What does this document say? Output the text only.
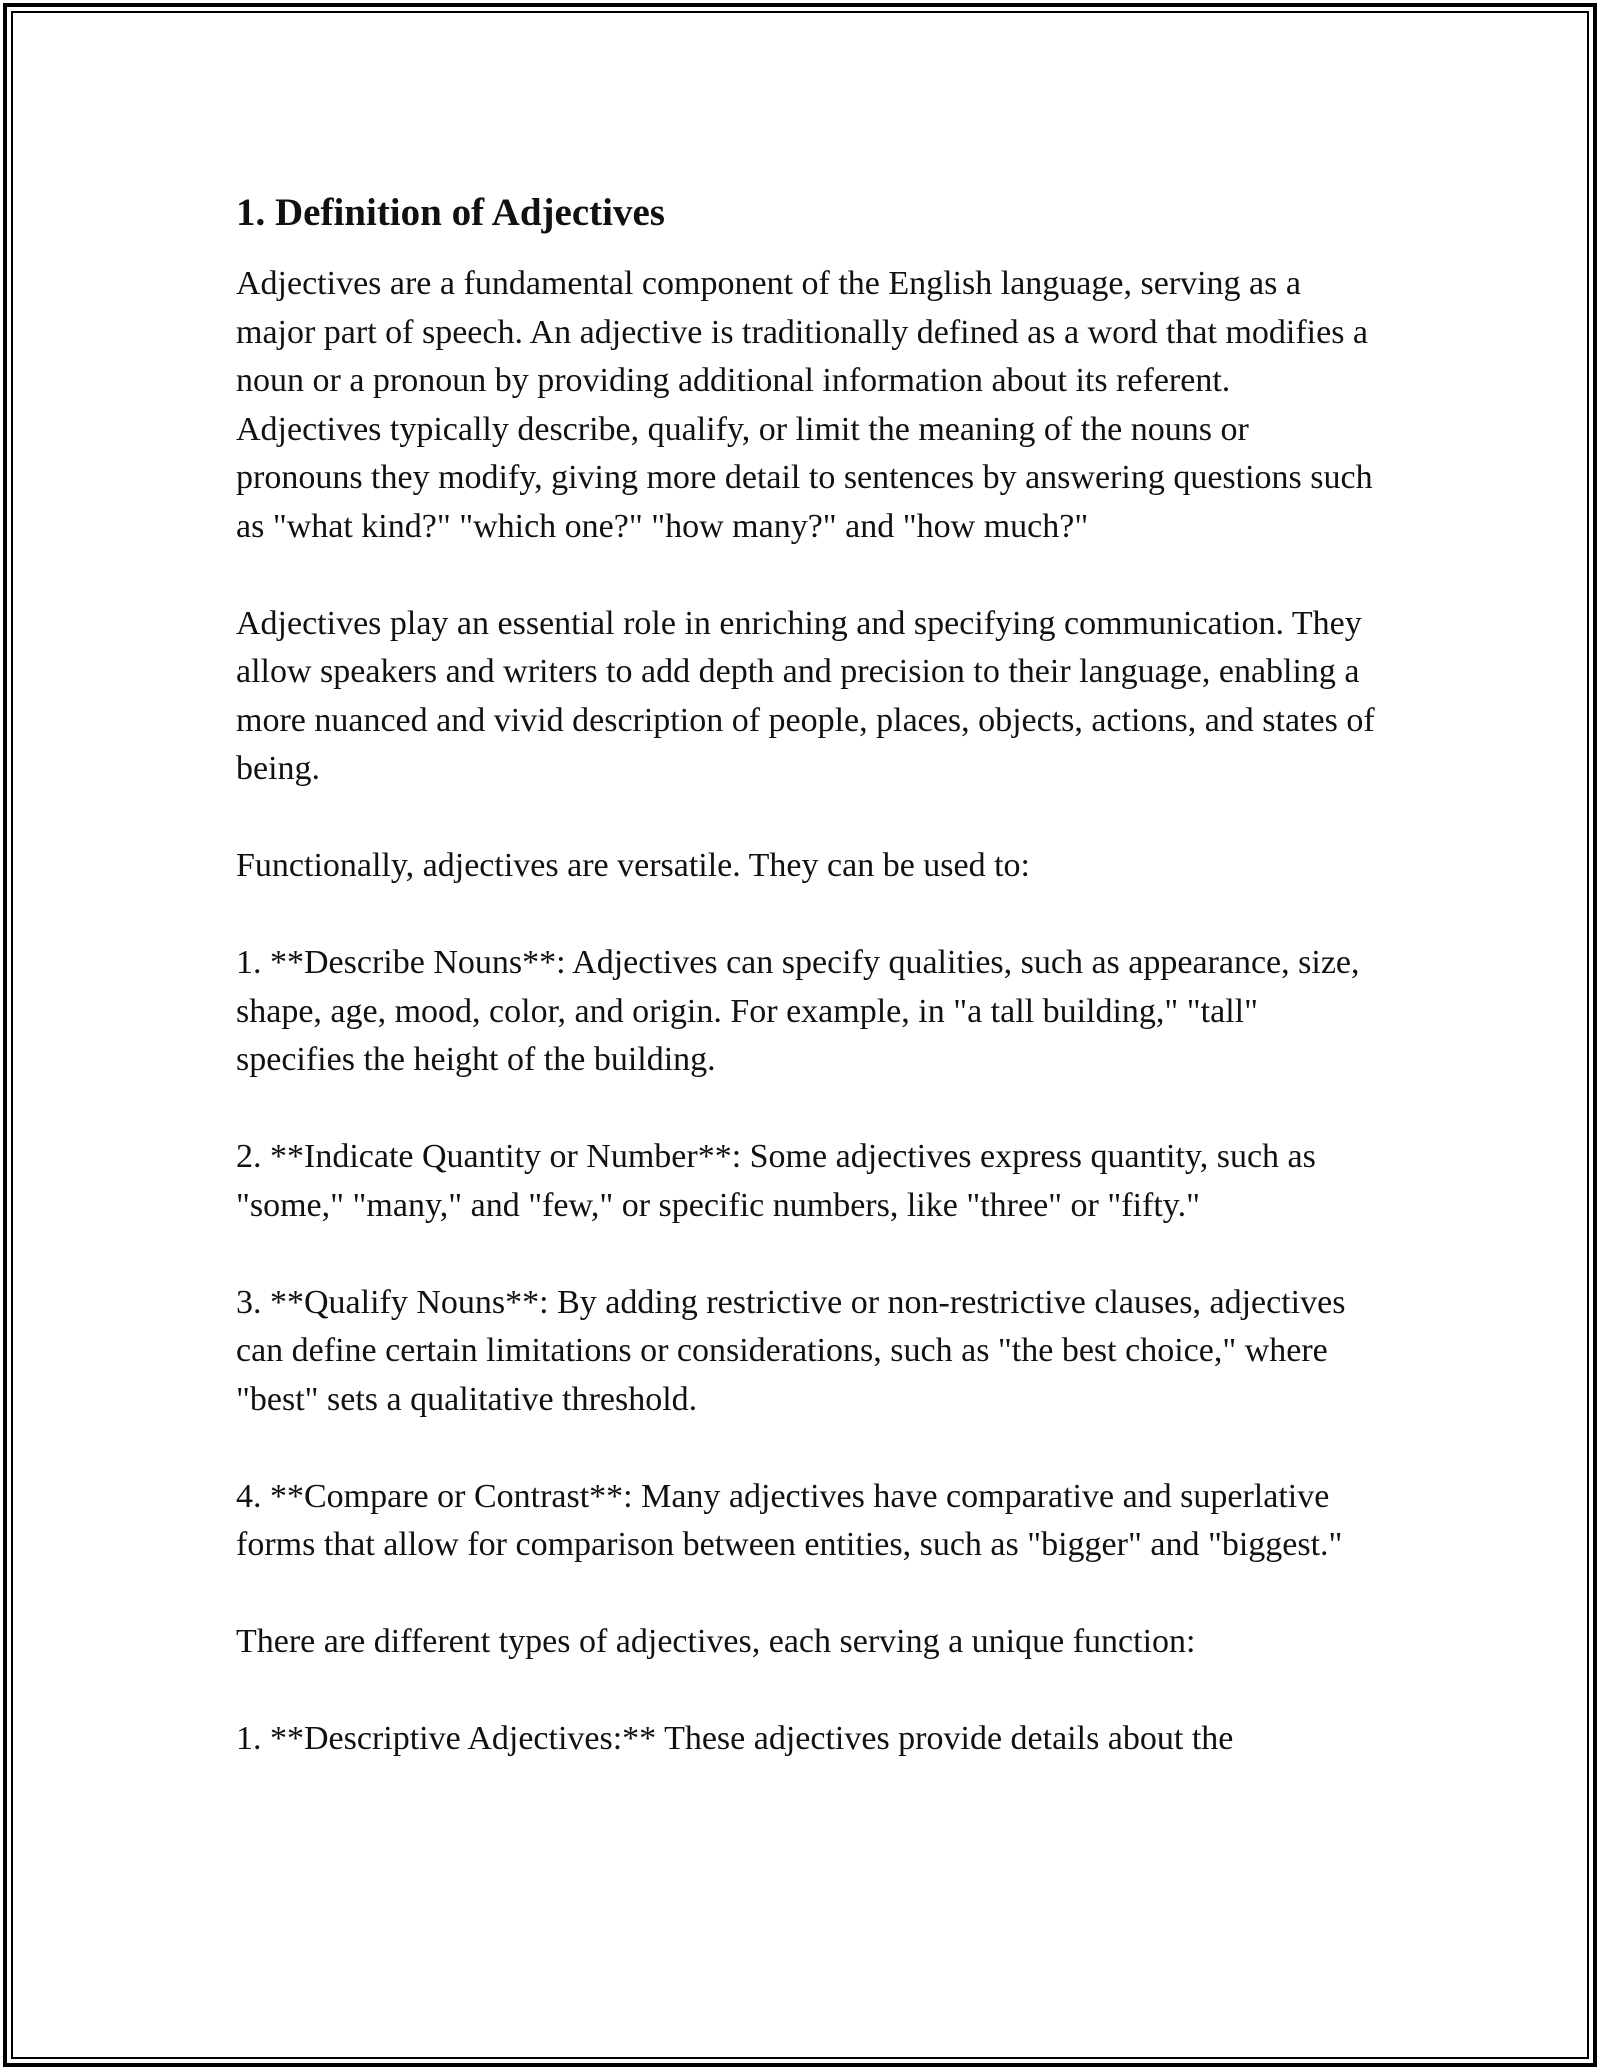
1. Definition of Adjectives

Adjectives are a fundamental component of the English language, serving as a major part of speech. An adjective is traditionally defined as a word that modifies a noun or a pronoun by providing additional information about its referent. Adjectives typically describe, qualify, or limit the meaning of the nouns or pronouns they modify, giving more detail to sentences by answering questions such as "what kind?" "which one?" "how many?" and "how much?"

Adjectives play an essential role in enriching and specifying communication. They allow speakers and writers to add depth and precision to their language, enabling a more nuanced and vivid description of people, places, objects, actions, and states of being.

Functionally, adjectives are versatile. They can be used to:

1. **Describe Nouns**: Adjectives can specify qualities, such as appearance, size, shape, age, mood, color, and origin. For example, in "a tall building," "tall" specifies the height of the building.

2. **Indicate Quantity or Number**: Some adjectives express quantity, such as "some," "many," and "few," or specific numbers, like "three" or "fifty."

3. **Qualify Nouns**: By adding restrictive or non-restrictive clauses, adjectives can define certain limitations or considerations, such as "the best choice," where "best" sets a qualitative threshold.

4. **Compare or Contrast**: Many adjectives have comparative and superlative forms that allow for comparison between entities, such as "bigger" and "biggest."

There are different types of adjectives, each serving a unique function:

1. **Descriptive Adjectives:** These adjectives provide details about the
